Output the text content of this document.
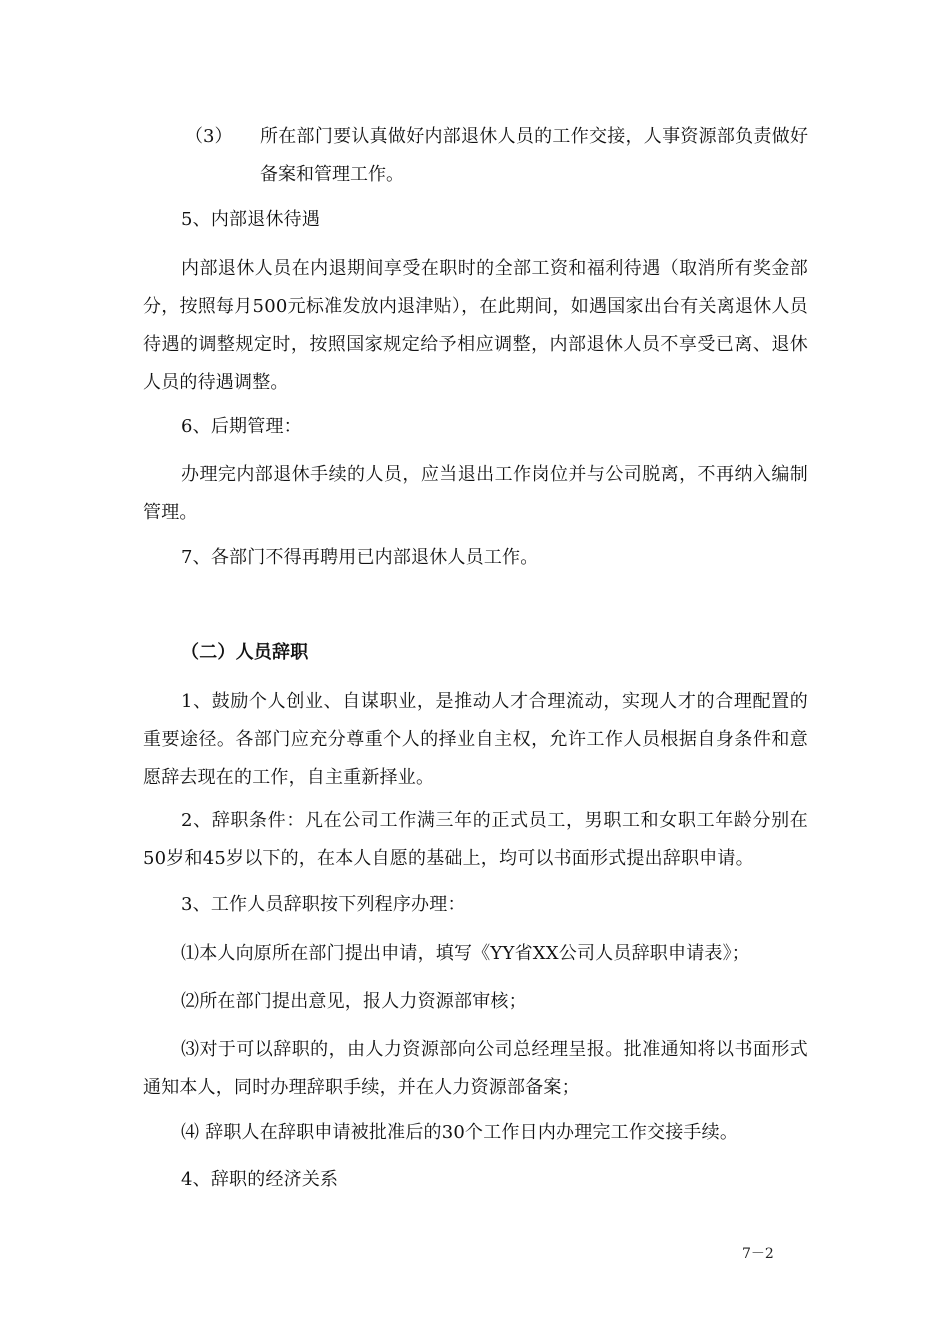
（3） 所在部门要认真做好内部退休人员的工作交接，人事资源部负责做好备案和管理工作。
5、内部退休待遇
内部退休人员在内退期间享受在职时的全部工资和福利待遇（取消所有奖金部分，按照每月500元标准发放内退津贴），在此期间，如遇国家出台有关离退休人员待遇的调整规定时，按照国家规定给予相应调整，内部退休人员不享受已离、退休人员的待遇调整。
6、后期管理：
办理完内部退休手续的人员，应当退出工作岗位并与公司脱离，不再纳入编制管理。
7、各部门不得再聘用已内部退休人员工作。
（二）人员辞职
1、鼓励个人创业、自谋职业，是推动人才合理流动，实现人才的合理配置的重要途径。各部门应充分尊重个人的择业自主权，允许工作人员根据自身条件和意愿辞去现在的工作，自主重新择业。
2、辞职条件：凡在公司工作满三年的正式员工，男职工和女职工年龄分别在50岁和45岁以下的，在本人自愿的基础上，均可以书面形式提出辞职申请。
3、工作人员辞职按下列程序办理：
⑴本人向原所在部门提出申请，填写《YY省XX公司人员辞职申请表》；
⑵所在部门提出意见，报人力资源部审核；
⑶对于可以辞职的，由人力资源部向公司总经理呈报。批准通知将以书面形式通知本人，同时办理辞职手续，并在人力资源部备案；
⑷ 辞职人在辞职申请被批准后的30个工作日内办理完工作交接手续。
4、辞职的经济关系
7－2
